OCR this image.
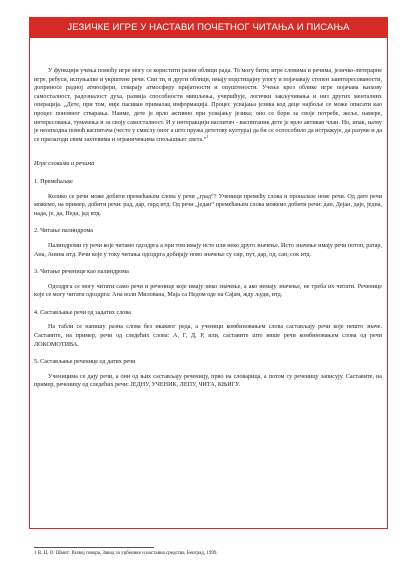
ЈЕЗИЧКЕ ИГРЕ У НАСТАВИ ПОЧЕТНОГ ЧИТАЊА И ПИСАЊА

У функцији учења помоћу игре могу се користити разни облици рада. То могу бити; игре словима и речима, језичко-литерарне игре, ребуси, испуњалке и укрштене речи. Сви ти, и други облици, имају подстицајну улогу и појачавају степен заинтересованости, доприносе радној атмосфери, стварају атмосферу пријатности и опуштености. Учење кроз облике игре појачава њихову самосталност, радозналост духа, развија способности мишљења, учвршћује, логички закључивања и низ других менталних операција. „Дете, при том, није пасиван прималац информација. Процес усвајања језика код деце најбоље се може описати као процес поновног стварања. Наиме, дете је врло активно при усвајању језика; оно се бори за своје потребе, жеље, намере, интересовања, тумачења и за своју самосталност. И у интеракцији васпитач - васпитаник дете је врло активан члан. Но, ипак, њему је неопходна помоћ васпитача (често у смислу оног а што пружа дететову култура) да би се оспособило да истражује, да разуме и да се прилагоди свим захтевима и ограничењима спољашњег света.”$^1$

Игре словима и речима

1. Премећаљке

Колико се речи може добити премећањем слова у речи „град“? Ученици премећу слова и проналазе нове речи. Од дате речи можемо, на пример, добити речи: рад, дар, гард итд. Од речи „један“ премећањем слова можемо добити речи: дан, Дејан, даје, једна, нада, је, да, Неда, јад итд.

2. Читање палиндрома

Палиндроми су речи које читамо одоздрга а при том имају исто или неко друго значење. Исто значење имају речи потоп, ратар, Ана, Анина итд. Речи које у току читања одоздрга добијају ново значење су сир, пут, дар, од, сан, сок итд.

3. Читање реченице као палиндрома

Одоздрга се могу читати само речи и реченице које имају неко значење, а ако немају значење, не треба их читати. Реченице које се могу читати одоздрга: Ана воли Милована, Маја са Недом оде на Сајам, жду људи, итд.

4. Састављање речи од задатих слова

На табли се напишу разна слова без икаквог реда, а ученици комбиновањем слова састављају речи које нешто значе. Саставите, на пример, речи од следећих слова: А, Г, Д, Р, или, саставите што више речи комбиновањем слова од речи ЛОКОМОТИВА.

5. Састављање реченице од датих речи

Ученицима се дају речи, а они од њих састављају реченицу, прво на словарица, а потом су реченицу записују. Саставите, на пример, реченицу од следећих речи: ЈЕДНУ, УЧЕНИК, ЛЕПУ, ЧИТА, КЊИГУ.

1 В. Ц. О. Шмит: Развој говора, Завод за уџбенике и наставна средства, Београд, 1999.
